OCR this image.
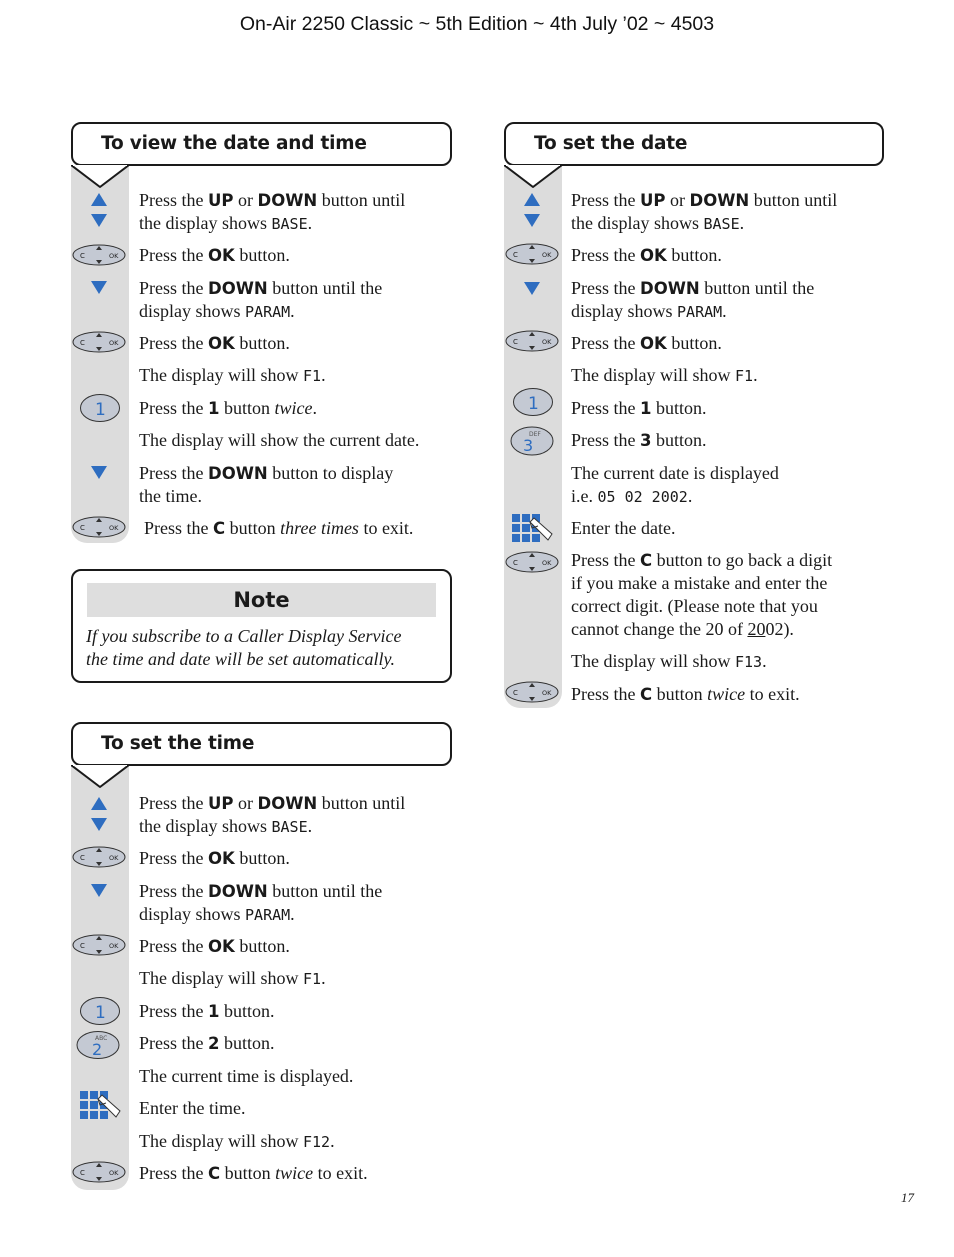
On-Air 2250 Classic ~ 5th Edition ~ 4th July ’02 ~ 4503
17
To view the date and time
Press the UP or DOWN button until
the display shows BASE.
Press the OK button.
Press the DOWN button until the
display shows PARAM.
Press the OK button.
The display will show F1.
1 Press the 1 button twice.
The display will show the current date.
Press the DOWN button to display
the time.
Press the C button three times to exit.
Note
If you subscribe to a Caller Display Service
the time and date will be set automatically.
To set the time
Press the UP or DOWN button until
the display shows BASE.
Press the OK button.
Press the DOWN button until the
display shows PARAM.
Press the OK button.
The display will show F1.
1 Press the 1 button.
ABC
2 Press the 2 button.
The current time is displayed.
Enter the time.
The display will show F12.
Press the C button twice to exit.
To set the date
Press the UP or DOWN button until
the display shows BASE.
Press the OK button.
Press the DOWN button until the
display shows PARAM.
Press the OK button.
The display will show F1.
1 Press the 1 button.
DEF
3 Press the 3 button.
The current date is displayed
i.e. 05 02 2002.
Enter the date.
Press the C button to go back a digit
if you make a mistake and enter the
correct digit. (Please note that you
cannot change the 20 of 2002).
The display will show F13.
Press the C button twice to exit.
